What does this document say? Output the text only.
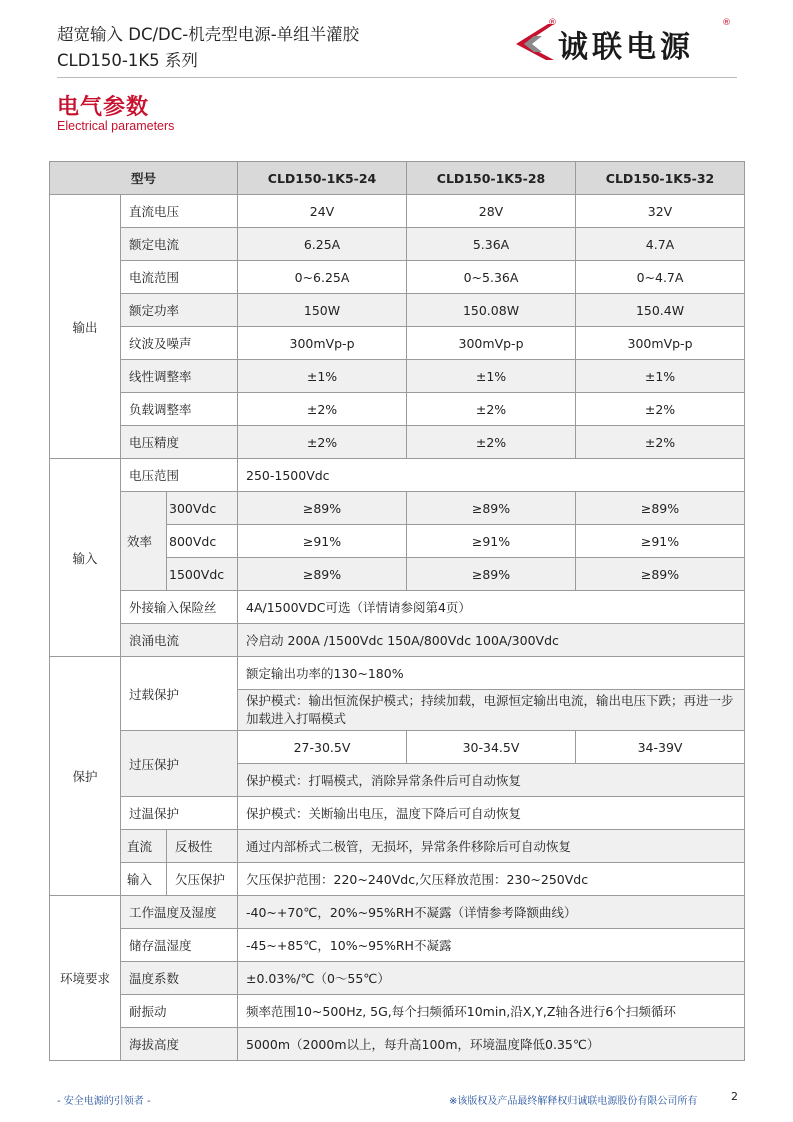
超宽输入 DC/DC-机壳型电源-单组半灌胶
CLD150-1K5 系列
®
诚联电源
®
电气参数
Electrical parameters
型号			CLD150-1K5-24	CLD150-1K5-28	CLD150-1K5-32
输出	直流电压		24V	28V	32V
	额定电流		6.25A	5.36A	4.7A
	电流范围		0~6.25A	0~5.36A	0~4.7A
	额定功率		150W	150.08W	150.4W
	纹波及噪声		300mVp-p	300mVp-p	300mVp-p
	线性调整率		±1%	±1%	±1%
	负载调整率		±2%	±2%	±2%
	电压精度		±2%	±2%	±2%
输入	电压范围		250-1500Vdc		
	效率	300Vdc	≥89%	≥89%	≥89%
		800Vdc	≥91%	≥91%	≥91%
		1500Vdc	≥89%	≥89%	≥89%
	外接输入保险丝		4A/1500VDC可选（详情请参阅第4页）		
	浪涌电流		冷启动 200A /1500Vdc 150A/800Vdc 100A/300Vdc		
保护	过载保护		额定输出功率的130~180%		
			保护模式：输出恒流保护模式；持续加载，电源恒定输出电流，输出电压下跌；再进一步加载进入打嗝模式		
	过压保护		27-30.5V	30-34.5V	34-39V
			保护模式：打嗝模式，消除异常条件后可自动恢复		
	过温保护		保护模式：关断输出电压，温度下降后可自动恢复		
	直流	反极性	通过内部桥式二极管，无损坏，异常条件移除后可自动恢复		
	输入	欠压保护	欠压保护范围：220~240Vdc,欠压释放范围：230~250Vdc		
环境要求	工作温度及湿度		-40~+70℃，20%~95%RH不凝露（详情参考降额曲线）		
	储存温湿度		-45~+85℃，10%~95%RH不凝露		
	温度系数		±0.03%/℃（0～55℃）		
	耐振动		频率范围10~500Hz, 5G,每个扫频循环10min,沿X,Y,Z轴各进行6个扫频循环		
	海拔高度		5000m（2000m以上，每升高100m，环境温度降低0.35℃）		
- 安全电源的引领者 -	※该版权及产品最终解释权归诚联电源股份有限公司所有	2
